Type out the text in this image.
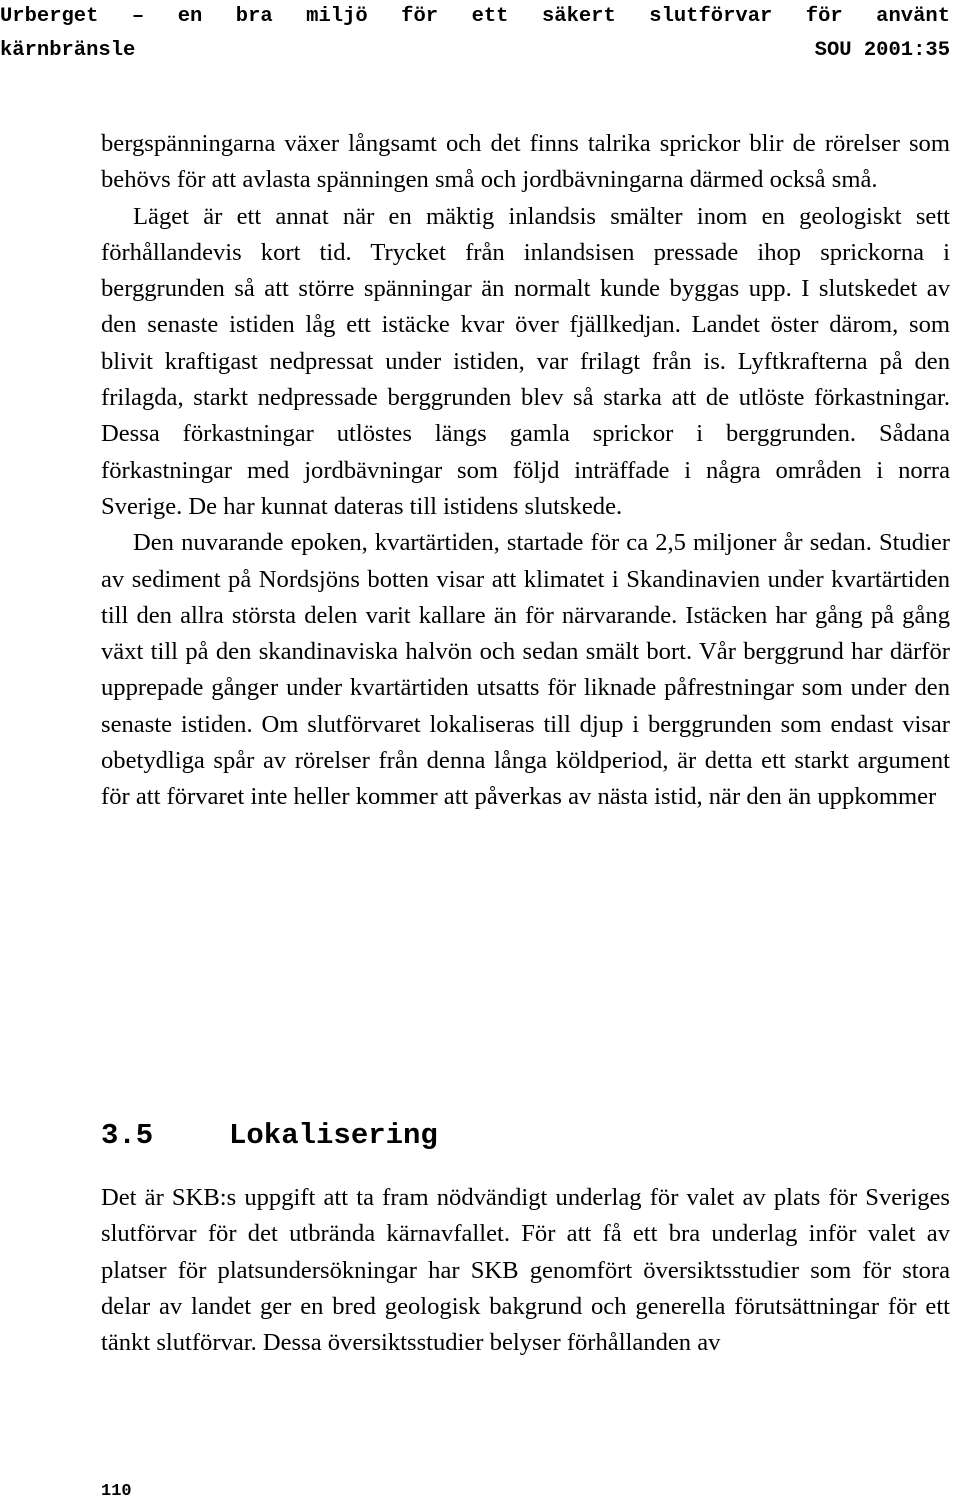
Urberget – en bra miljö för ett säkert slutförvar för använt
kärnbränsle	SOU 2001:35

bergspänningarna växer långsamt och det finns talrika sprickor blir de rörelser som behövs för att avlasta spänningen små och jordbävningarna därmed också små.

Läget är ett annat när en mäktig inlandsis smälter inom en geologiskt sett förhållandevis kort tid. Trycket från inlandsisen pressade ihop sprickorna i berggrunden så att större spänningar än normalt kunde byggas upp. I slutskedet av den senaste istiden låg ett istäcke kvar över fjällkedjan. Landet öster därom, som blivit kraftigast nedpressat under istiden, var frilagt från is. Lyftkrafterna på den frilagda, starkt nedpressade berggrunden blev så starka att de utlöste förkastningar. Dessa förkastningar utlöstes längs gamla sprickor i berggrunden. Sådana förkastningar med jordbävningar som följd inträffade i några områden i norra Sverige. De har kunnat dateras till istidens slutskede.

Den nuvarande epoken, kvartärtiden, startade för ca 2,5 miljoner år sedan. Studier av sediment på Nordsjöns botten visar att klimatet i Skandinavien under kvartärtiden till den allra största delen varit kallare än för närvarande. Istäcken har gång på gång växt till på den skandinaviska halvön och sedan smält bort. Vår berggrund har därför upprepade gånger under kvartärtiden utsatts för liknade påfrestningar som under den senaste istiden. Om slutförvaret lokaliseras till djup i berggrunden som endast visar obetydliga spår av rörelser från denna långa köldperiod, är detta ett starkt argument för att förvaret inte heller kommer att påverkas av nästa istid, när den än uppkommer

3.5	Lokalisering

Det är SKB:s uppgift att ta fram nödvändigt underlag för valet av plats för Sveriges slutförvar för det utbrända kärnavfallet. För att få ett bra underlag inför valet av platser för platsundersökningar har SKB genomfört översiktsstudier som för stora delar av landet ger en bred geologisk bakgrund och generella förutsättningar för ett tänkt slutförvar. Dessa översiktsstudier belyser förhållanden av

110
